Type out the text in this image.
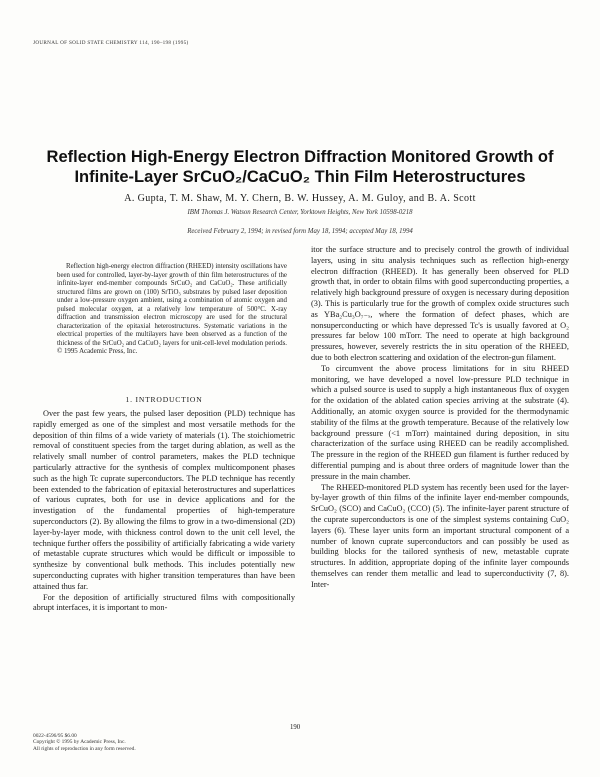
JOURNAL OF SOLID STATE CHEMISTRY 114, 190–198 (1995)
Reflection High-Energy Electron Diffraction Monitored Growth of
Infinite-Layer SrCuO₂/CaCuO₂ Thin Film Heterostructures
A. Gupta, T. M. Shaw, M. Y. Chern, B. W. Hussey, A. M. Guloy, and B. A. Scott
IBM Thomas J. Watson Research Center, Yorktown Heights, New York 10598-0218
Received February 2, 1994; in revised form May 18, 1994; accepted May 18, 1994
Reflection high-energy electron diffraction (RHEED) intensity oscillations have been used for controlled, layer-by-layer growth of thin film heterostructures of the infinite-layer end-member compounds SrCuO₂ and CaCuO₂. These artificially structured films are grown on (100) SrTiO₃ substrates by pulsed laser deposition under a low-pressure oxygen ambient, using a combination of atomic oxygen and pulsed molecular oxygen, at a relatively low temperature of 500°C. X-ray diffraction and transmission electron microscopy are used for the structural characterization of the epitaxial heterostructures. Systematic variations in the electrical properties of the multilayers have been observed as a function of the thickness of the SrCuO₂ and CaCuO₂ layers for unit-cell-level modulation periods. © 1995 Academic Press, Inc.
1. INTRODUCTION

Over the past few years, the pulsed laser deposition (PLD) technique has rapidly emerged as one of the simplest and most versatile methods for the deposition of thin films of a wide variety of materials (1). The stoichiometric removal of constituent species from the target during ablation, as well as the relatively small number of control parameters, makes the PLD technique particularly attractive for the synthesis of complex multicomponent phases such as the high Tc cuprate superconductors. The PLD technique has recently been extended to the fabrication of epitaxial heterostructures and superlattices of various cuprates, both for use in device applications and for the investigation of the fundamental properties of high-temperature superconductors (2). By allowing the films to grow in a two-dimensional (2D) layer-by-layer mode, with thickness control down to the unit cell level, the technique further offers the possibility of artificially fabricating a wide variety of metastable cuprate structures which would be difficult or impossible to synthesize by conventional bulk methods. This includes potentially new superconducting cuprates with higher transition temperatures than have been attained thus far.

For the deposition of artificially structured films with compositionally abrupt interfaces, it is important to mon-

itor the surface structure and to precisely control the growth of individual layers, using in situ analysis techniques such as reflection high-energy electron diffraction (RHEED). It has generally been observed for PLD growth that, in order to obtain films with good superconducting properties, a relatively high background pressure of oxygen is necessary during deposition (3). This is particularly true for the growth of complex oxide structures such as YBa₂Cu₃O₇₋ₓ, where the formation of defect phases, which are nonsuperconducting or which have depressed Tc's is usually favored at O₂ pressures far below 100 mTorr. The need to operate at high background pressures, however, severely restricts the in situ operation of the RHEED, due to both electron scattering and oxidation of the electron-gun filament.

To circumvent the above process limitations for in situ RHEED monitoring, we have developed a novel low-pressure PLD technique in which a pulsed source is used to supply a high instantaneous flux of oxygen for the oxidation of the ablated cation species arriving at the substrate (4). Additionally, an atomic oxygen source is provided for the thermodynamic stability of the films at the growth temperature. Because of the relatively low background pressure (<1 mTorr) maintained during deposition, in situ characterization of the surface using RHEED can be readily accomplished. The pressure in the region of the RHEED gun filament is further reduced by differential pumping and is about three orders of magnitude lower than the pressure in the main chamber.

The RHEED-monitored PLD system has recently been used for the layer-by-layer growth of thin films of the infinite layer end-member compounds, SrCuO₂ (SCO) and CaCuO₂ (CCO) (5). The infinite-layer parent structure of the cuprate superconductors is one of the simplest systems containing CuO₂ layers (6). These layer units form an important structural component of a number of known cuprate superconductors and can possibly be used as building blocks for the tailored synthesis of new, metastable cuprate structures. In addition, appropriate doping of the infinite layer compounds themselves can render them metallic and lead to superconductivity (7, 8). Inter-

190
0022-4596/95 $6.00
Copyright © 1995 by Academic Press, Inc.
All rights of reproduction in any form reserved.
